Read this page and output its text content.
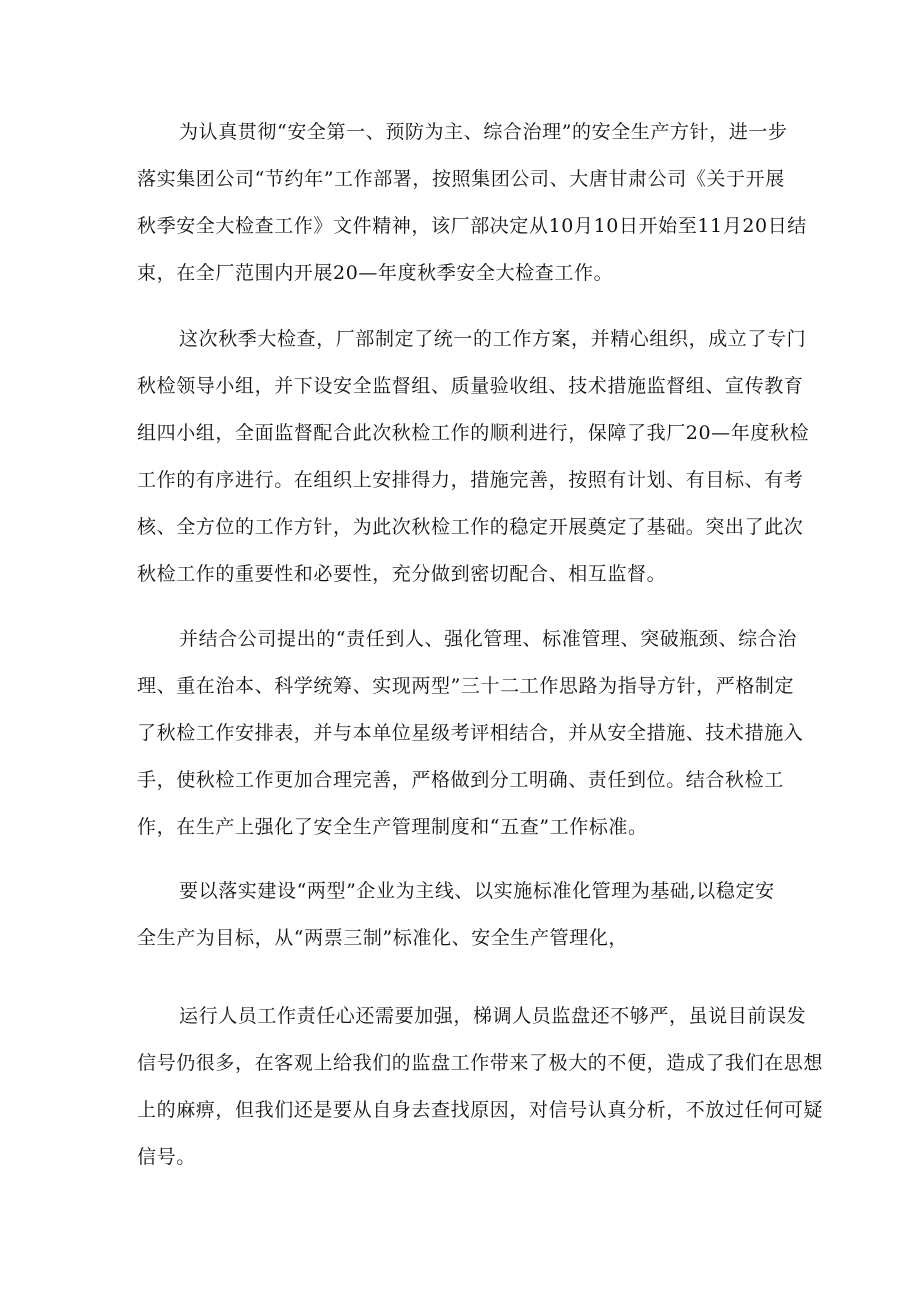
为认真贯彻“安全第一、预防为主、综合治理”的安全生产方针，进一步
落实集团公司“节约年”工作部署，按照集团公司、大唐甘肃公司《关于开展
秋季安全大检查工作》文件精神，该厂部决定从10月10日开始至11月20日结
束，在全厂范围内开展20—年度秋季安全大检查工作。
这次秋季大检查，厂部制定了统一的工作方案，并精心组织，成立了专门
秋检领导小组，并下设安全监督组、质量验收组、技术措施监督组、宣传教育
组四小组，全面监督配合此次秋检工作的顺利进行，保障了我厂20—年度秋检
工作的有序进行。在组织上安排得力，措施完善，按照有计划、有目标、有考
核、全方位的工作方针，为此次秋检工作的稳定开展奠定了基础。突出了此次
秋检工作的重要性和必要性，充分做到密切配合、相互监督。
并结合公司提出的“责任到人、强化管理、标准管理、突破瓶颈、综合治
理、重在治本、科学统筹、实现两型”三十二工作思路为指导方针，严格制定
了秋检工作安排表，并与本单位星级考评相结合，并从安全措施、技术措施入
手，使秋检工作更加合理完善，严格做到分工明确、责任到位。结合秋检工
作，在生产上强化了安全生产管理制度和“五查”工作标准。
要以落实建设“两型”企业为主线、以实施标准化管理为基础,以稳定安
全生产为目标，从“两票三制”标准化、安全生产管理化，
运行人员工作责任心还需要加强，梯调人员监盘还不够严，虽说目前误发
信号仍很多，在客观上给我们的监盘工作带来了极大的不便，造成了我们在思想
上的麻痹，但我们还是要从自身去查找原因，对信号认真分析，不放过任何可疑
信号。
